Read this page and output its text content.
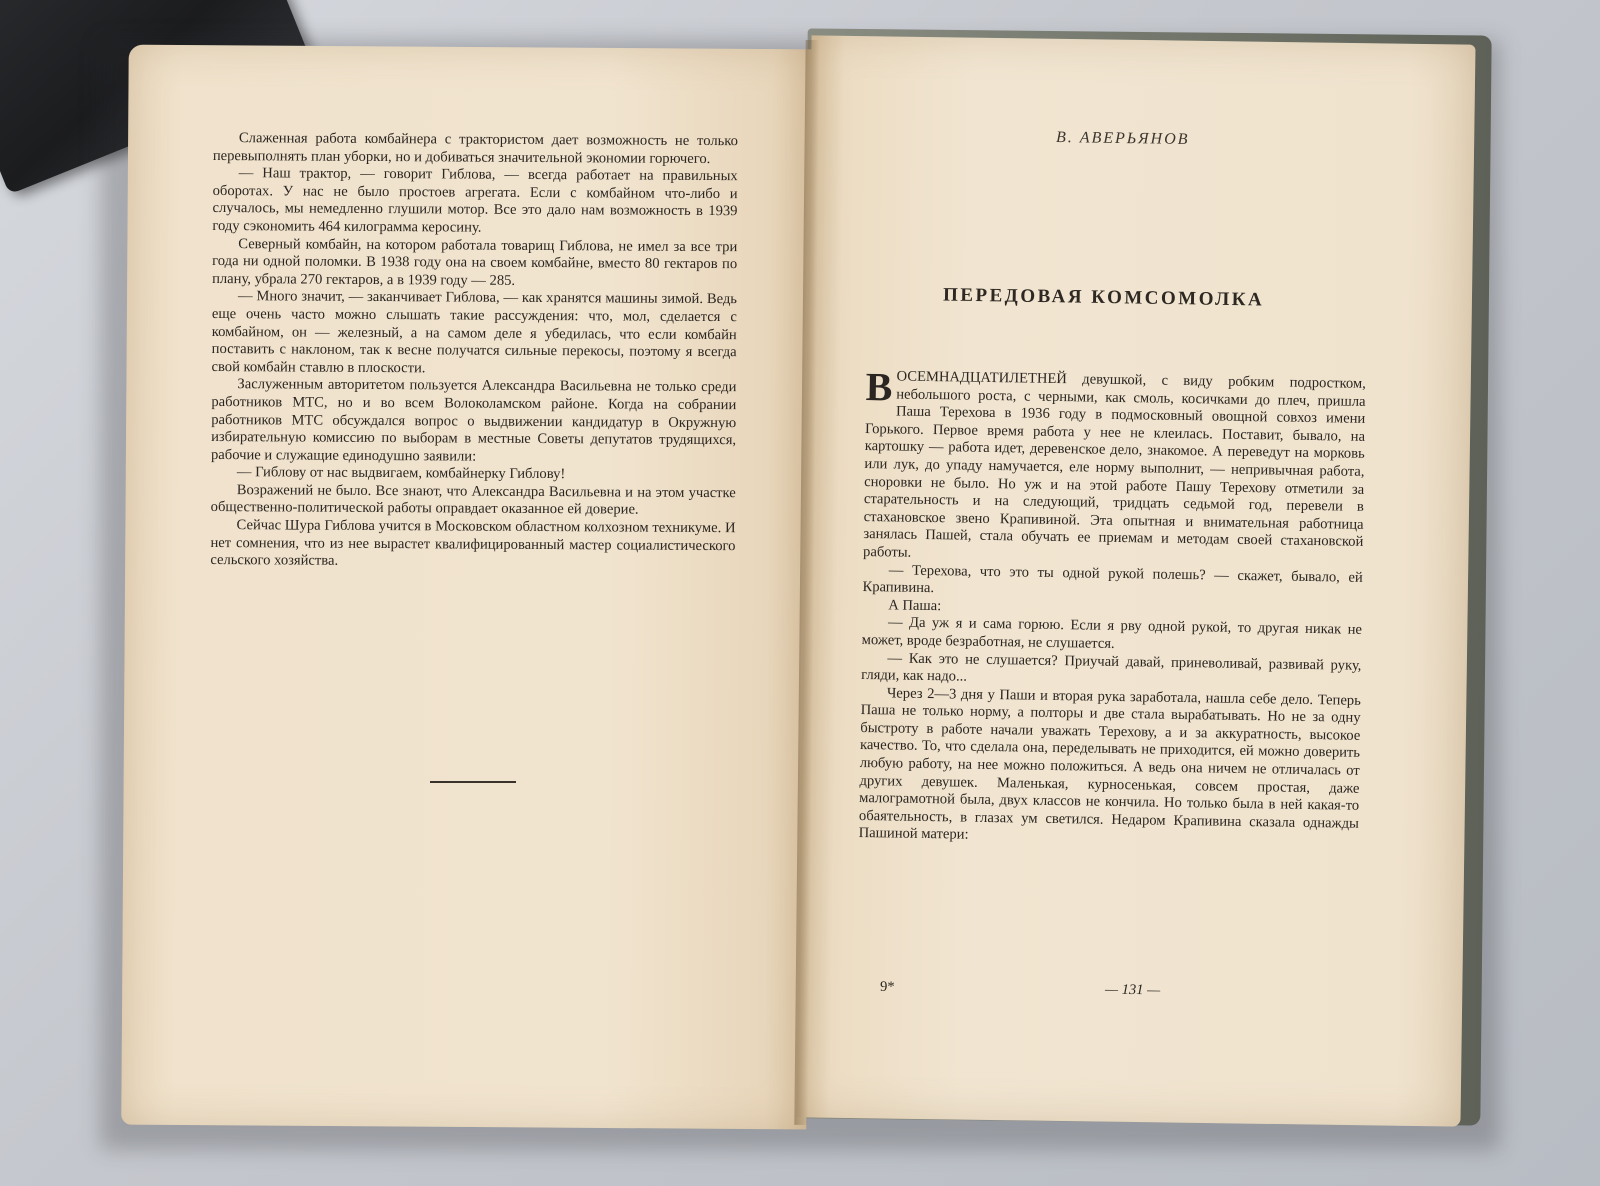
Слаженная работа комбайнера с трактористом дает возможность не только перевыполнять план уборки, но и добиваться значительной экономии горючего.

— Наш трактор, — говорит Гиблова, — всегда работает на правильных оборотах. У нас не было простоев агрегата. Если с комбайном что-либо и случалось, мы немедленно глушили мотор. Все это дало нам возможность в 1939 году сэкономить 464 килограмма керосину.

Северный комбайн, на котором работала товарищ Гиблова, не имел за все три года ни одной поломки. В 1938 году она на своем комбайне, вместо 80 гектаров по плану, убрала 270 гектаров, а в 1939 году — 285.

— Много значит, — заканчивает Гиблова, — как хранятся машины зимой. Ведь еще очень часто можно слышать такие рассуждения: что, мол, сделается с комбайном, он — железный, а на самом деле я убедилась, что если комбайн поставить с наклоном, так к весне получатся сильные перекосы, поэтому я всегда свой комбайн ставлю в плоскости.

Заслуженным авторитетом пользуется Александра Васильевна не только среди работников МТС, но и во всем Волоколамском районе. Когда на собрании работников МТС обсуждался вопрос о выдвижении кандидатур в Окружную избирательную комиссию по выборам в местные Советы депутатов трудящихся, рабочие и служащие единодушно заявили:

— Гиблову от нас выдвигаем, комбайнерку Гиблову!

Возражений не было. Все знают, что Александра Васильевна и на этом участке общественно-политической работы оправдает оказанное ей доверие.

Сейчас Шура Гиблова учится в Московском областном колхозном техникуме. И нет сомнения, что из нее вырастет квалифицированный мастер социалистического сельского хозяйства.

В. АВЕРЬЯНОВ
ПЕРЕДОВАЯ КОМСОМОЛКА

ВОСЕМНАДЦАТИЛЕТНЕЙ девушкой, с виду робким подростком, небольшого роста, с черными, как смоль, косичками до плеч, пришла Паша Терехова в 1936 году в подмосковный овощной совхоз имени Горького. Первое время работа у нее не клеилась. Поставит, бывало, на картошку — работа идет, деревенское дело, знакомое. А переведут на морковь или лук, до упаду намучается, еле норму выполнит, — непривычная работа, сноровки не было. Но уж и на этой работе Пашу Терехову отметили за старательность и на следующий, тридцать седьмой год, перевели в стахановское звено Крапивиной. Эта опытная и внимательная работница занялась Пашей, стала обучать ее приемам и методам своей стахановской работы.

— Терехова, что это ты одной рукой полешь? — скажет, бывало, ей Крапивина.

А Паша:

— Да уж я и сама горюю. Если я рву одной рукой, то другая никак не может, вроде безработная, не слушается.

— Как это не слушается? Приучай давай, приневоливай, развивай руку, гляди, как надо...

Через 2—3 дня у Паши и вторая рука заработала, нашла себе дело. Теперь Паша не только норму, а полторы и две стала вырабатывать. Но не за одну быстроту в работе начали уважать Терехову, а и за аккуратность, высокое качество. То, что сделала она, переделывать не приходится, ей можно доверить любую работу, на нее можно положиться. А ведь она ничем не отличалась от других девушек. Маленькая, курносенькая, совсем простая, даже малограмотной была, двух классов не кончила. Но только была в ней какая-то обаятельность, в глазах ум светился. Недаром Крапивина сказала однажды Пашиной матери:

9*	— 131 —
